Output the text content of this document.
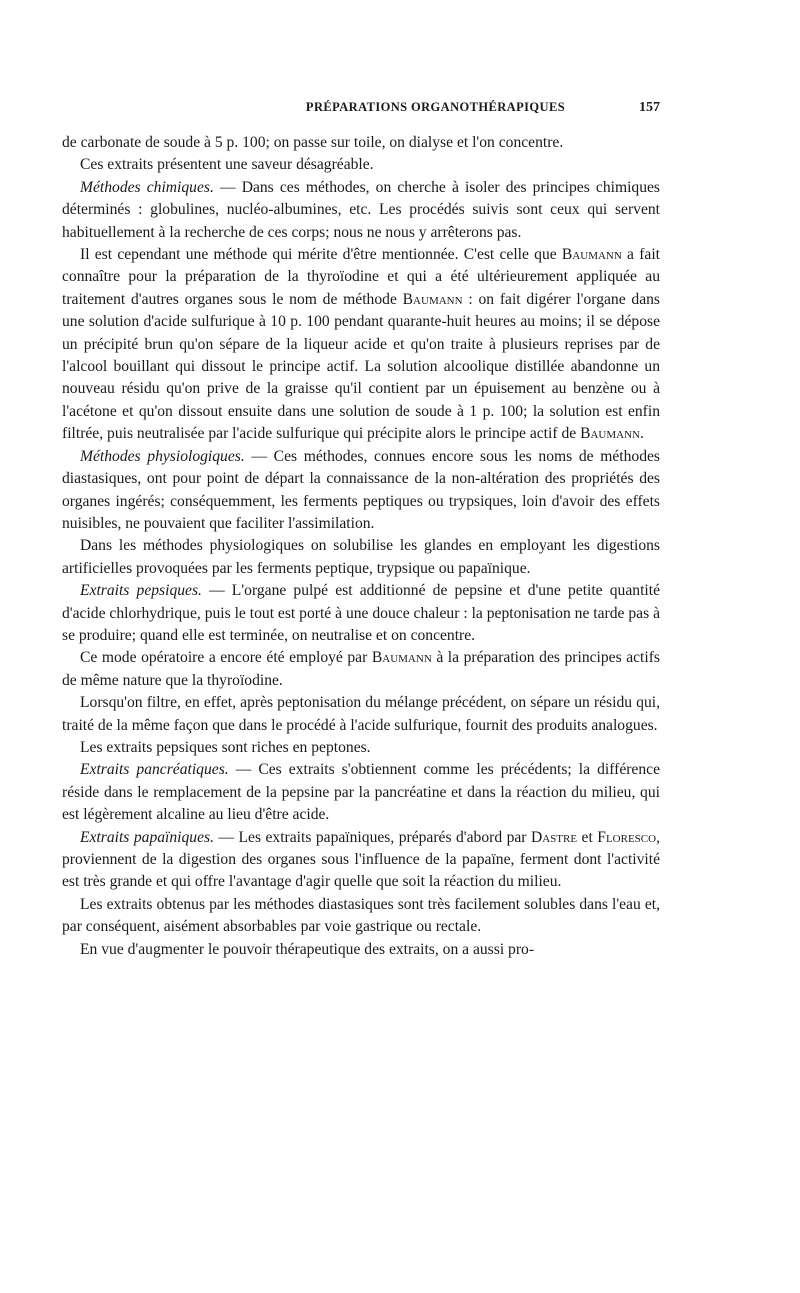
PRÉPARATIONS ORGANOTHÉRAPIQUES	157

de carbonate de soude à 5 p. 100; on passe sur toile, on dialyse et l'on concentre.

Ces extraits présentent une saveur désagréable.

Méthodes chimiques. — Dans ces méthodes, on cherche à isoler des principes chimiques déterminés : globulines, nucléo-albumines, etc. Les procédés suivis sont ceux qui servent habituellement à la recherche de ces corps; nous ne nous y arrêterons pas.

Il est cependant une méthode qui mérite d'être mentionnée. C'est celle que Baumann a fait connaître pour la préparation de la thyroïodine et qui a été ultérieurement appliquée au traitement d'autres organes sous le nom de méthode Baumann : on fait digérer l'organe dans une solution d'acide sulfurique à 10 p. 100 pendant quarante-huit heures au moins; il se dépose un précipité brun qu'on sépare de la liqueur acide et qu'on traite à plusieurs reprises par de l'alcool bouillant qui dissout le principe actif. La solution alcoolique distillée abandonne un nouveau résidu qu'on prive de la graisse qu'il contient par un épuisement au benzène ou à l'acétone et qu'on dissout ensuite dans une solution de soude à 1 p. 100; la solution est enfin filtrée, puis neutralisée par l'acide sulfurique qui précipite alors le principe actif de Baumann.

Méthodes physiologiques. — Ces méthodes, connues encore sous les noms de méthodes diastasiques, ont pour point de départ la connaissance de la non-altération des propriétés des organes ingérés; conséquemment, les ferments peptiques ou trypsiques, loin d'avoir des effets nuisibles, ne pouvaient que faciliter l'assimilation.

Dans les méthodes physiologiques on solubilise les glandes en employant les digestions artificielles provoquées par les ferments peptique, trypsique ou papaïnique.

Extraits pepsiques. — L'organe pulpé est additionné de pepsine et d'une petite quantité d'acide chlorhydrique, puis le tout est porté à une douce chaleur : la peptonisation ne tarde pas à se produire; quand elle est terminée, on neutralise et on concentre.

Ce mode opératoire a encore été employé par Baumann à la préparation des principes actifs de même nature que la thyroïodine.

Lorsqu'on filtre, en effet, après peptonisation du mélange précédent, on sépare un résidu qui, traité de la même façon que dans le procédé à l'acide sulfurique, fournit des produits analogues.

Les extraits pepsiques sont riches en peptones.

Extraits pancréatiques. — Ces extraits s'obtiennent comme les précédents; la différence réside dans le remplacement de la pepsine par la pancréatine et dans la réaction du milieu, qui est légèrement alcaline au lieu d'être acide.

Extraits papaïniques. — Les extraits papaïniques, préparés d'abord par Dastre et Floresco, proviennent de la digestion des organes sous l'influence de la papaïne, ferment dont l'activité est très grande et qui offre l'avantage d'agir quelle que soit la réaction du milieu.

Les extraits obtenus par les méthodes diastasiques sont très facilement solubles dans l'eau et, par conséquent, aisément absorbables par voie gastrique ou rectale.

En vue d'augmenter le pouvoir thérapeutique des extraits, on a aussi pro-
